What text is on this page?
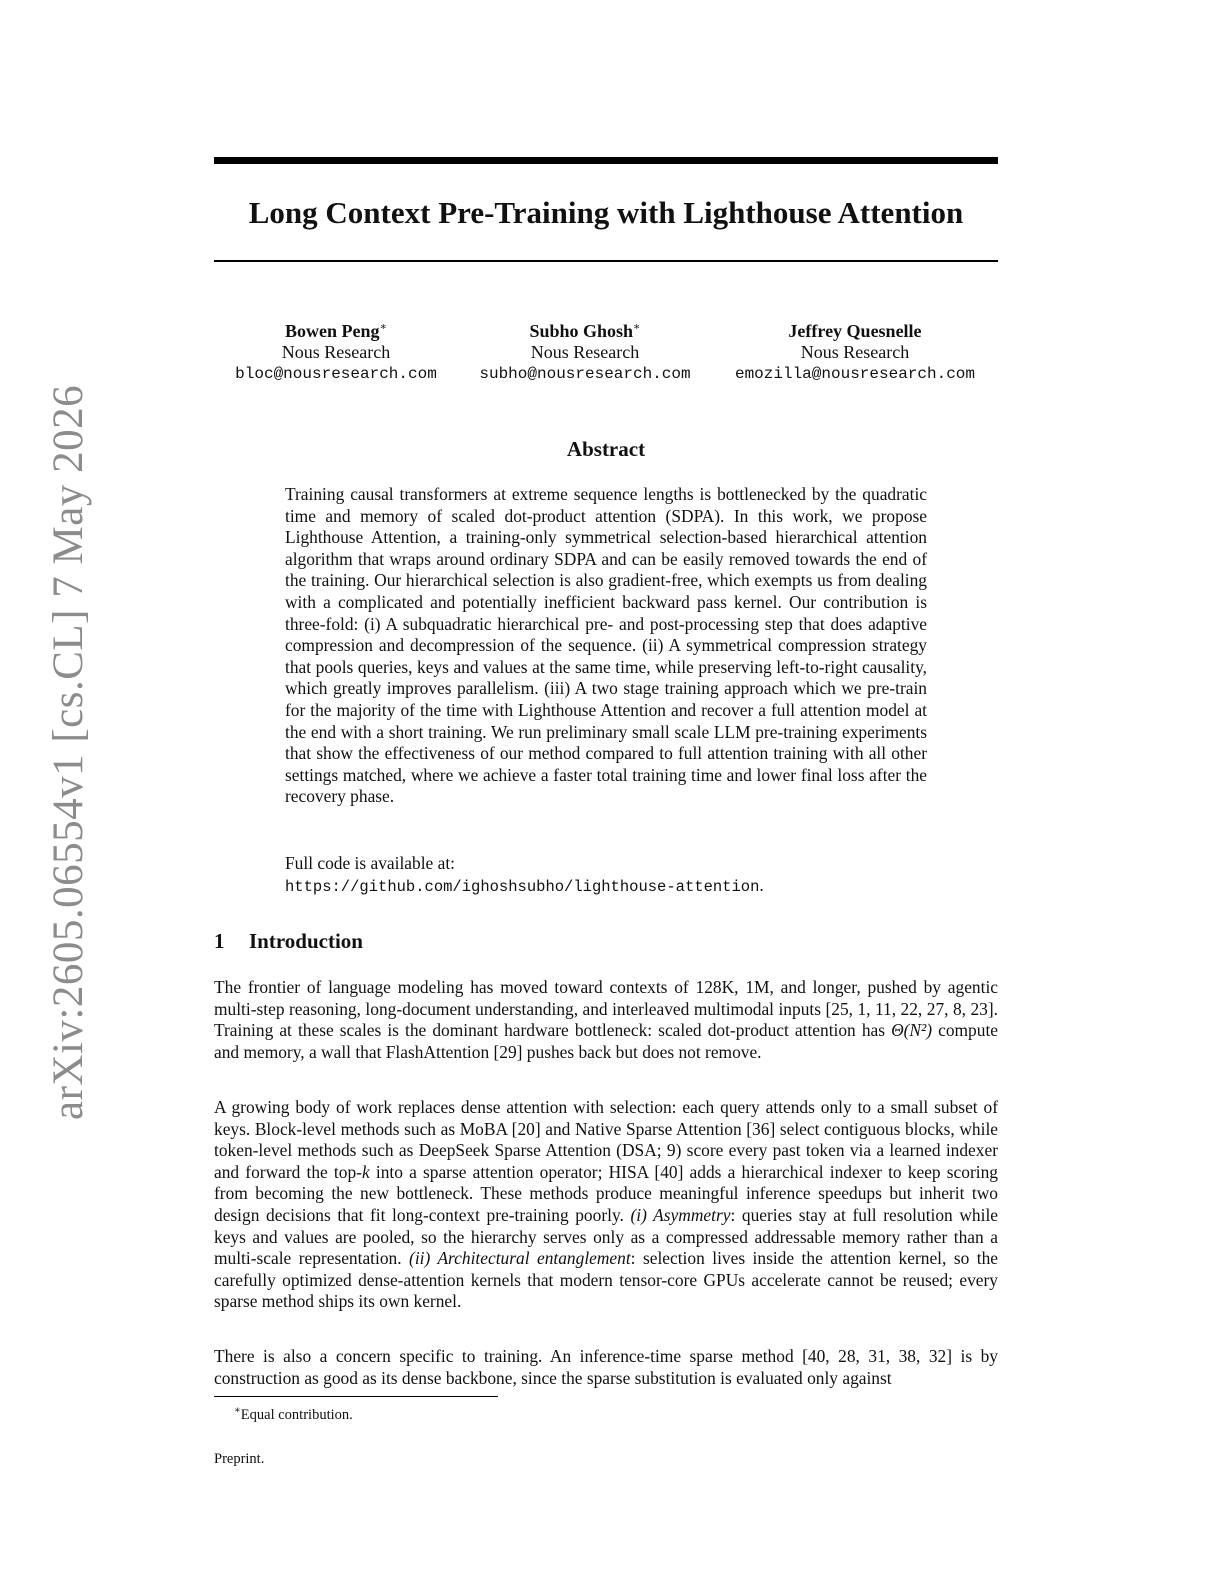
arXiv:2605.06554v1 [cs.CL] 7 May 2026
Long Context Pre-Training with Lighthouse Attention
Bowen Peng∗
Nous Research
bloc@nousresearch.com
Subho Ghosh∗
Nous Research
subho@nousresearch.com
Jeffrey Quesnelle
Nous Research
emozilla@nousresearch.com
Abstract

Training causal transformers at extreme sequence lengths is bottlenecked by the quadratic time and memory of scaled dot-product attention (SDPA). In this work, we propose Lighthouse Attention, a training-only symmetrical selection-based hierarchical attention algorithm that wraps around ordinary SDPA and can be easily removed towards the end of the training. Our hierarchical selection is also gradient-free, which exempts us from dealing with a complicated and potentially inefficient backward pass kernel. Our contribution is three-fold: (i) A subquadratic hierarchical pre- and post-processing step that does adaptive compression and decompression of the sequence. (ii) A symmetrical compression strategy that pools queries, keys and values at the same time, while preserving left-to-right causality, which greatly improves parallelism. (iii) A two stage training approach which we pre-train for the majority of the time with Lighthouse Attention and recover a full attention model at the end with a short training. We run preliminary small scale LLM pre-training experiments that show the effectiveness of our method compared to full attention training with all other settings matched, where we achieve a faster total training time and lower final loss after the recovery phase.

Full code is available at:
https://github.com/ighoshsubho/lighthouse-attention.
1 Introduction

The frontier of language modeling has moved toward contexts of 128K, 1M, and longer, pushed by agentic multi-step reasoning, long-document understanding, and interleaved multimodal inputs [25, 1, 11, 22, 27, 8, 23]. Training at these scales is the dominant hardware bottleneck: scaled dot-product attention has Θ(N²) compute and memory, a wall that FlashAttention [29] pushes back but does not remove.

A growing body of work replaces dense attention with selection: each query attends only to a small subset of keys. Block-level methods such as MoBA [20] and Native Sparse Attention [36] select contiguous blocks, while token-level methods such as DeepSeek Sparse Attention (DSA; 9) score every past token via a learned indexer and forward the top-k into a sparse attention operator; HISA [40] adds a hierarchical indexer to keep scoring from becoming the new bottleneck. These methods produce meaningful inference speedups but inherit two design decisions that fit long-context pre-training poorly. (i) Asymmetry: queries stay at full resolution while keys and values are pooled, so the hierarchy serves only as a compressed addressable memory rather than a multi-scale representation. (ii) Architectural entanglement: selection lives inside the attention kernel, so the carefully optimized dense-attention kernels that modern tensor-core GPUs accelerate cannot be reused; every sparse method ships its own kernel.

There is also a concern specific to training. An inference-time sparse method [40, 28, 31, 38, 32] is by construction as good as its dense backbone, since the sparse substitution is evaluated only against

∗Equal contribution.
Preprint.
